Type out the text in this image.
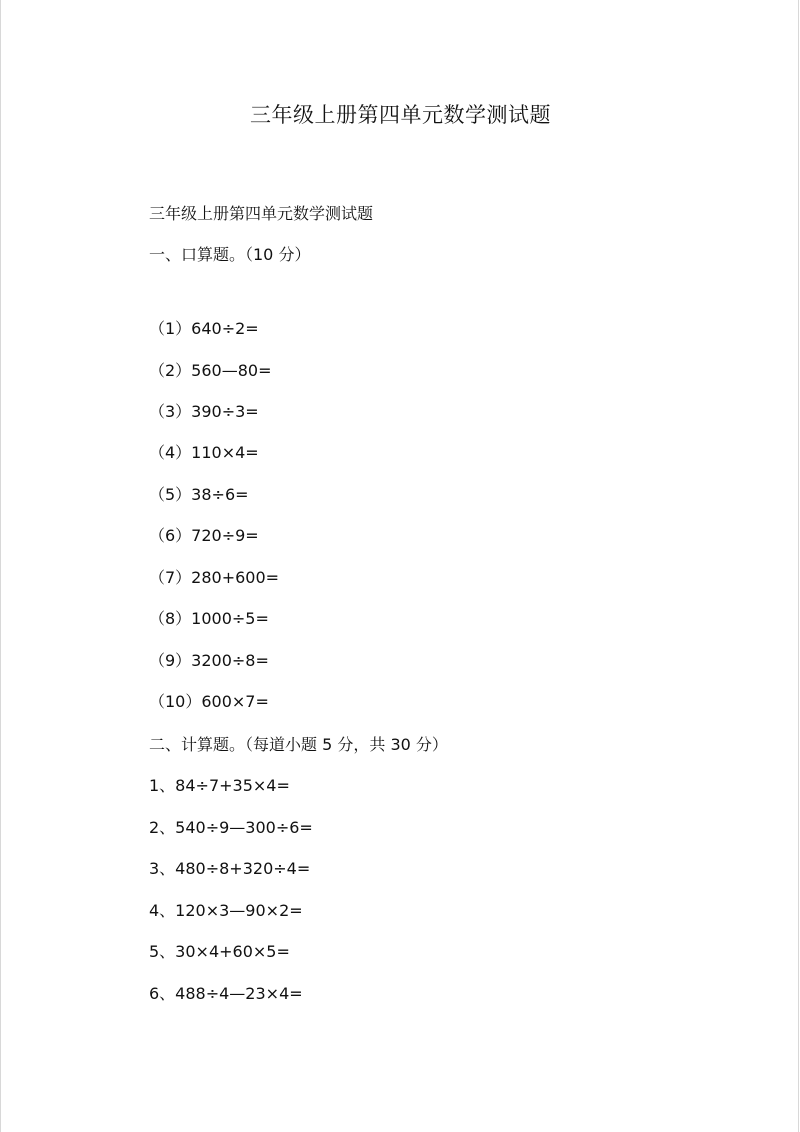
三年级上册第四单元数学测试题
三年级上册第四单元数学测试题
一、口算题。（10 分）
（1）640÷2=
（2）560—80=
（3）390÷3=
（4）110×4=
（5）38÷6=
（6）720÷9=
（7）280+600=
（8）1000÷5=
（9）3200÷8=
（10）600×7=
二、计算题。（每道小题 5 分，共 30 分）
1、84÷7+35×4=
2、540÷9—300÷6=
3、480÷8+320÷4=
4、120×3—90×2=
5、30×4+60×5=
6、488÷4—23×4=
